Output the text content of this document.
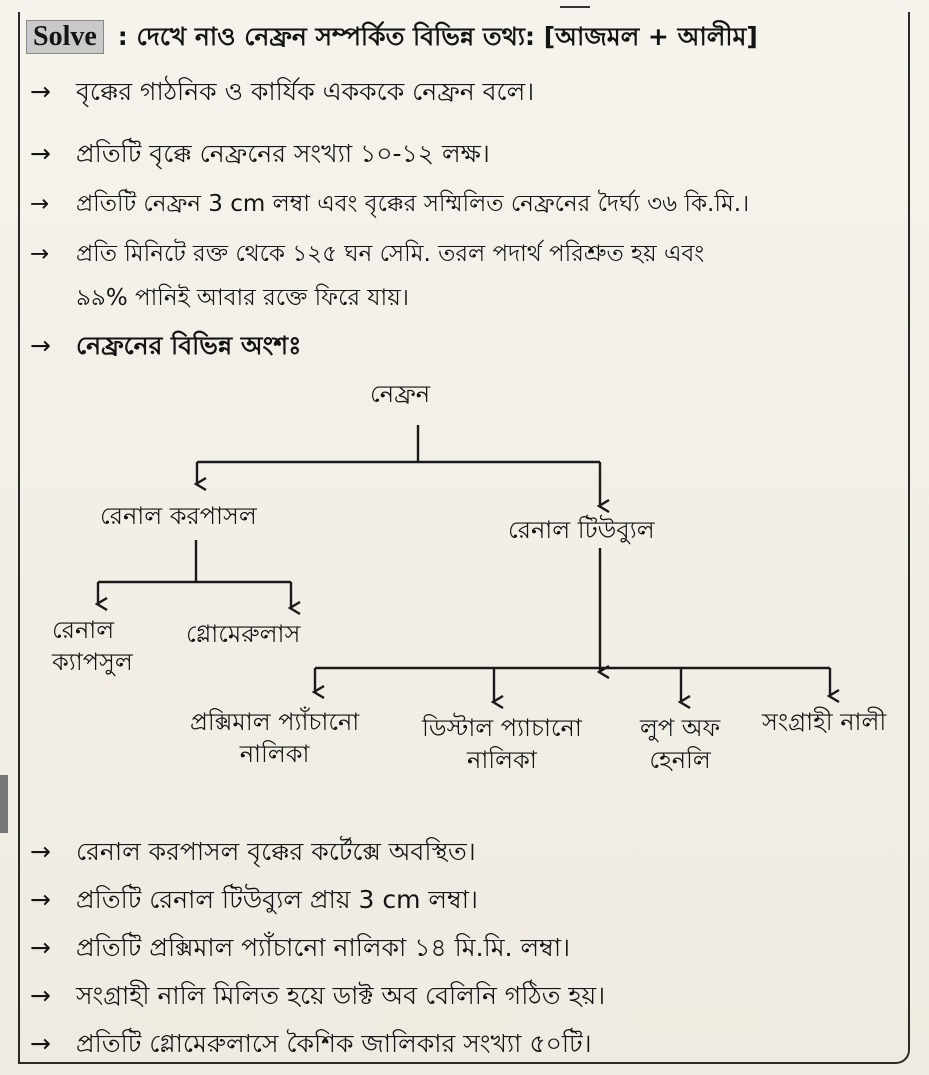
Solve : দেখে নাও নেফ্রন সম্পর্কিত বিভিন্ন তথ্য: [আজমল + আলীম]
→ বৃক্কের গাঠনিক ও কার্যিক একককে নেফ্রন বলে।
→ প্রতিটি বৃক্কে নেফ্রনের সংখ্যা ১০-১২ লক্ষ।
→ প্রতিটি নেফ্রন 3 cm লম্বা এবং বৃক্কের সম্মিলিত নেফ্রনের দৈর্ঘ্য ৩৬ কি.মি.।
→ প্রতি মিনিটে রক্ত থেকে ১২৫ ঘন সেমি. তরল পদার্থ পরিশ্রুত হয় এবং
৯৯% পানিই আবার রক্তে ফিরে যায়।
→ নেফ্রনের বিভিন্ন অংশঃ
নেফ্রন
রেনাল করপাসল	রেনাল টিউব্যুল
রেনাল
ক্যাপসুল
গ্লোমেরুলাস
প্রক্সিমাল প্যাঁচানো
নালিকা
ডিস্টাল প্যাচানো
নালিকা
লুপ অফ
হেনলি
সংগ্রাহী নালী
→ রেনাল করপাসল বৃক্কের কর্টেক্সে অবস্থিত।
→ প্রতিটি রেনাল টিউব্যুল প্রায় 3 cm লম্বা।
→ প্রতিটি প্রক্সিমাল প্যাঁচানো নালিকা ১৪ মি.মি. লম্বা।
→ সংগ্রাহী নালি মিলিত হয়ে ডাক্ট অব বেলিনি গঠিত হয়।
→ প্রতিটি গ্লোমেরুলাসে কৈশিক জালিকার সংখ্যা ৫০টি।
